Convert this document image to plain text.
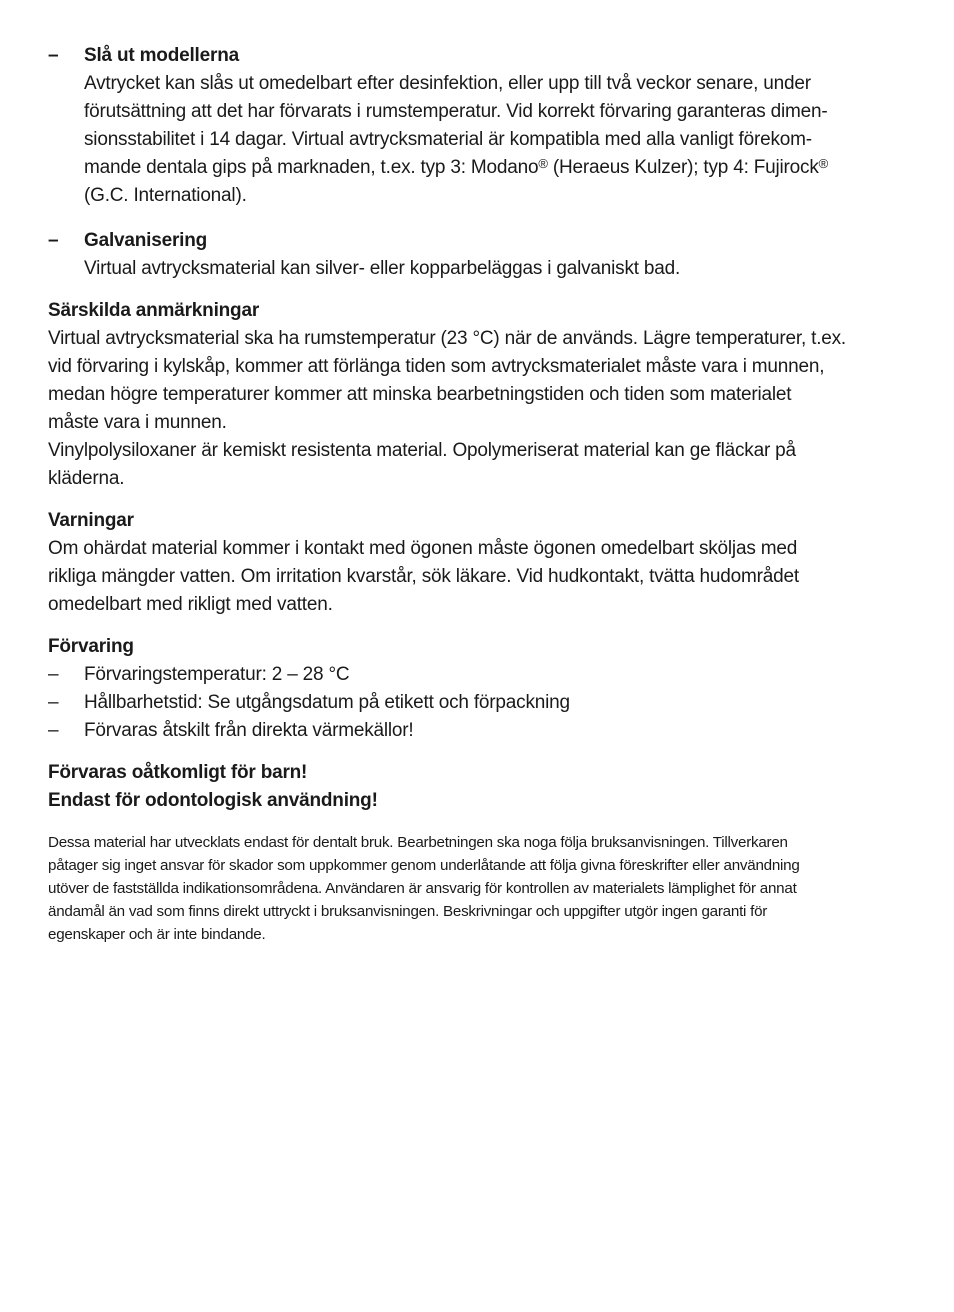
–	Slå ut modellerna
Avtrycket kan slås ut omedelbart efter desinfektion, eller upp till två veckor senare, under
förutsättning att det har förvarats i rumstemperatur. Vid korrekt förvaring garanteras dimen-
sionsstabilitet i 14 dagar. Virtual avtrycksmaterial är kompatibla med alla vanligt förekom-
mande dentala gips på marknaden, t.ex. typ 3: Modano® (Heraeus Kulzer); typ 4: Fujirock®
(G.C. International).
–	Galvanisering
Virtual avtrycksmaterial kan silver- eller kopparbeläggas i galvaniskt bad.
Särskilda anmärkningar
Virtual avtrycksmaterial ska ha rumstemperatur (23 °C) när de används. Lägre temperaturer, t.ex.
vid förvaring i kylskåp, kommer att förlänga tiden som avtrycksmaterialet måste vara i munnen,
medan högre temperaturer kommer att minska bearbetningstiden och tiden som materialet
måste vara i munnen.
Vinylpolysiloxaner är kemiskt resistenta material. Opolymeriserat material kan ge fläckar på
kläderna.
Varningar
Om ohärdat material kommer i kontakt med ögonen måste ögonen omedelbart sköljas med
rikliga mängder vatten. Om irritation kvarstår, sök läkare. Vid hudkontakt, tvätta hudområdet
omedelbart med rikligt med vatten.
Förvaring
–	Förvaringstemperatur: 2 – 28 °C
–	Hållbarhetstid: Se utgångsdatum på etikett och förpackning
–	Förvaras åtskilt från direkta värmekällor!
Förvaras oåtkomligt för barn!
Endast för odontologisk användning!
Dessa material har utvecklats endast för dentalt bruk. Bearbetningen ska noga följa bruksanvisningen. Tillverkaren
påtager sig inget ansvar för skador som uppkommer genom underlåtande att följa givna föreskrifter eller användning
utöver de fastställda indikationsområdena. Användaren är ansvarig för kontrollen av materialets lämplighet för annat
ändamål än vad som finns direkt uttryckt i bruksanvisningen. Beskrivningar och uppgifter utgör ingen garanti för
egenskaper och är inte bindande.
